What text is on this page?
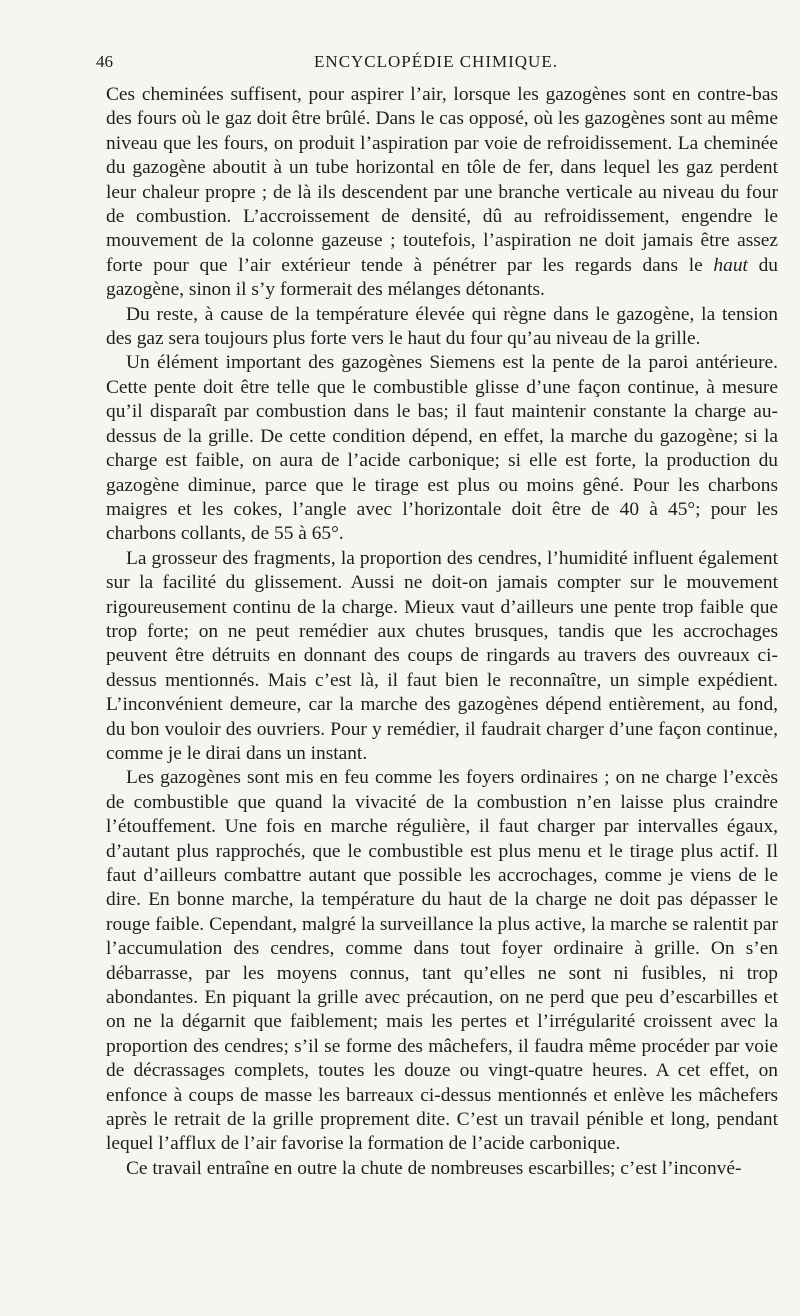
46	ENCYCLOPÉDIE CHIMIQUE.

Ces cheminées suffisent, pour aspirer l’air, lorsque les gazogènes sont en contre-bas des fours où le gaz doit être brûlé. Dans le cas opposé, où les gazogènes sont au même niveau que les fours, on produit l’aspiration par voie de refroidissement. La cheminée du gazogène aboutit à un tube horizontal en tôle de fer, dans lequel les gaz perdent leur chaleur propre ; de là ils descendent par une branche verticale au niveau du four de combustion. L’accroissement de densité, dû au refroidissement, engendre le mouvement de la colonne gazeuse ; toutefois, l’aspiration ne doit jamais être assez forte pour que l’air extérieur tende à pénétrer par les regards dans le haut du gazogène, sinon il s’y formerait des mélanges détonants.

Du reste, à cause de la température élevée qui règne dans le gazogène, la tension des gaz sera toujours plus forte vers le haut du four qu’au niveau de la grille.

Un élément important des gazogènes Siemens est la pente de la paroi antérieure. Cette pente doit être telle que le combustible glisse d’une façon continue, à mesure qu’il disparaît par combustion dans le bas; il faut maintenir constante la charge au-dessus de la grille. De cette condition dépend, en effet, la marche du gazogène; si la charge est faible, on aura de l’acide carbonique; si elle est forte, la production du gazogène diminue, parce que le tirage est plus ou moins gêné. Pour les charbons maigres et les cokes, l’angle avec l’horizontale doit être de 40 à 45°; pour les charbons collants, de 55 à 65°.

La grosseur des fragments, la proportion des cendres, l’humidité influent également sur la facilité du glissement. Aussi ne doit-on jamais compter sur le mouvement rigoureusement continu de la charge. Mieux vaut d’ailleurs une pente trop faible que trop forte; on ne peut remédier aux chutes brusques, tandis que les accrochages peuvent être détruits en donnant des coups de ringards au travers des ouvreaux ci-dessus mentionnés. Mais c’est là, il faut bien le reconnaître, un simple expédient. L’inconvénient demeure, car la marche des gazogènes dépend entièrement, au fond, du bon vouloir des ouvriers. Pour y remédier, il faudrait charger d’une façon continue, comme je le dirai dans un instant.

Les gazogènes sont mis en feu comme les foyers ordinaires ; on ne charge l’excès de combustible que quand la vivacité de la combustion n’en laisse plus craindre l’étouffement. Une fois en marche régulière, il faut charger par intervalles égaux, d’autant plus rapprochés, que le combustible est plus menu et le tirage plus actif. Il faut d’ailleurs combattre autant que possible les accrochages, comme je viens de le dire. En bonne marche, la température du haut de la charge ne doit pas dépasser le rouge faible. Cependant, malgré la surveillance la plus active, la marche se ralentit par l’accumulation des cendres, comme dans tout foyer ordinaire à grille. On s’en débarrasse, par les moyens connus, tant qu’elles ne sont ni fusibles, ni trop abondantes. En piquant la grille avec précaution, on ne perd que peu d’escarbilles et on ne la dégarnit que faiblement; mais les pertes et l’irrégularité croissent avec la proportion des cendres; s’il se forme des mâchefers, il faudra même procéder par voie de décrassages complets, toutes les douze ou vingt-quatre heures. A cet effet, on enfonce à coups de masse les barreaux ci-dessus mentionnés et enlève les mâchefers après le retrait de la grille proprement dite. C’est un travail pénible et long, pendant lequel l’afflux de l’air favorise la formation de l’acide carbonique.

Ce travail entraîne en outre la chute de nombreuses escarbilles; c’est l’inconvé-
